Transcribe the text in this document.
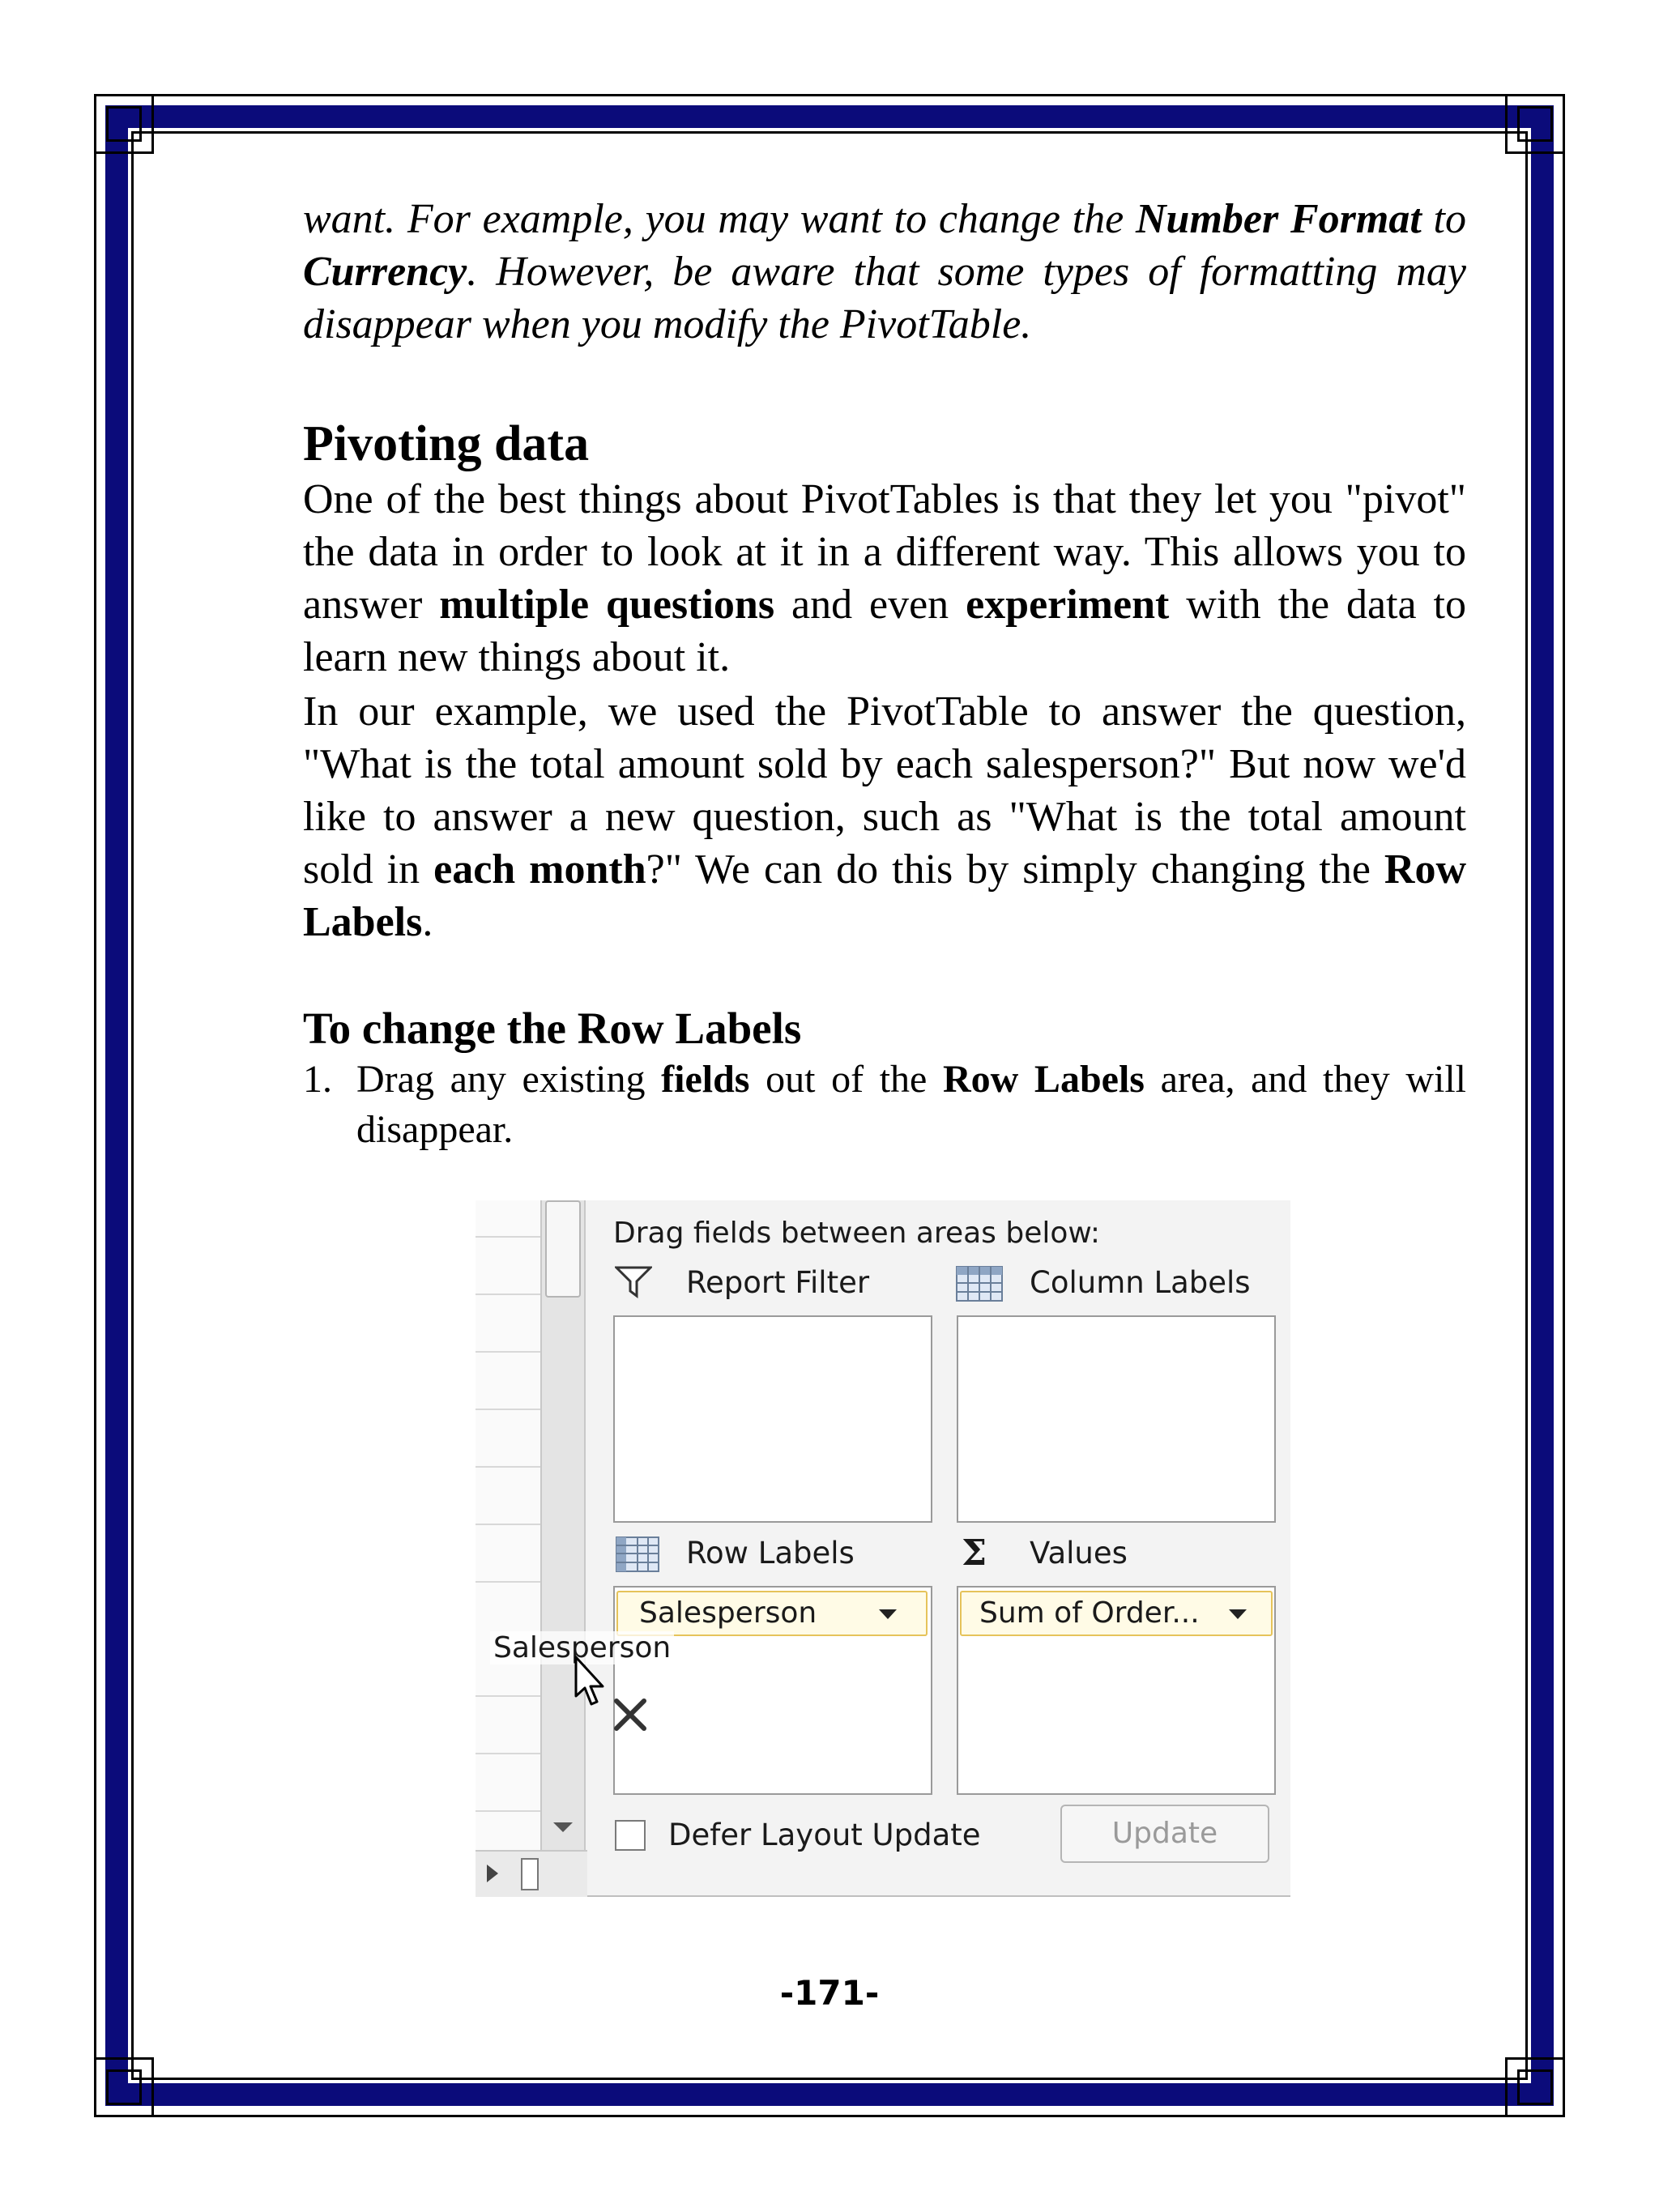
want. For example, you may want to change the Number Format to Currency. However, be aware that some types of formatting may disappear when you modify the PivotTable.

Pivoting data

One of the best things about PivotTables is that they let you "pivot" the data in order to look at it in a different way. This allows you to answer multiple questions and even experiment with the data to learn new things about it.

In our example, we used the PivotTable to answer the question, "What is the total amount sold by each salesperson?" But now we'd like to answer a new question, such as "What is the total amount sold in each month?" We can do this by simply changing the Row Labels.

To change the Row Labels
1. Drag any existing fields out of the Row Labels area, and they will disappear.
Drag fields between areas below:
Report Filter	Column Labels
Row Labels
Salesperson
Σ Values
Sum of Order...
Salesperson
Defer Layout Update	Update
-171-
